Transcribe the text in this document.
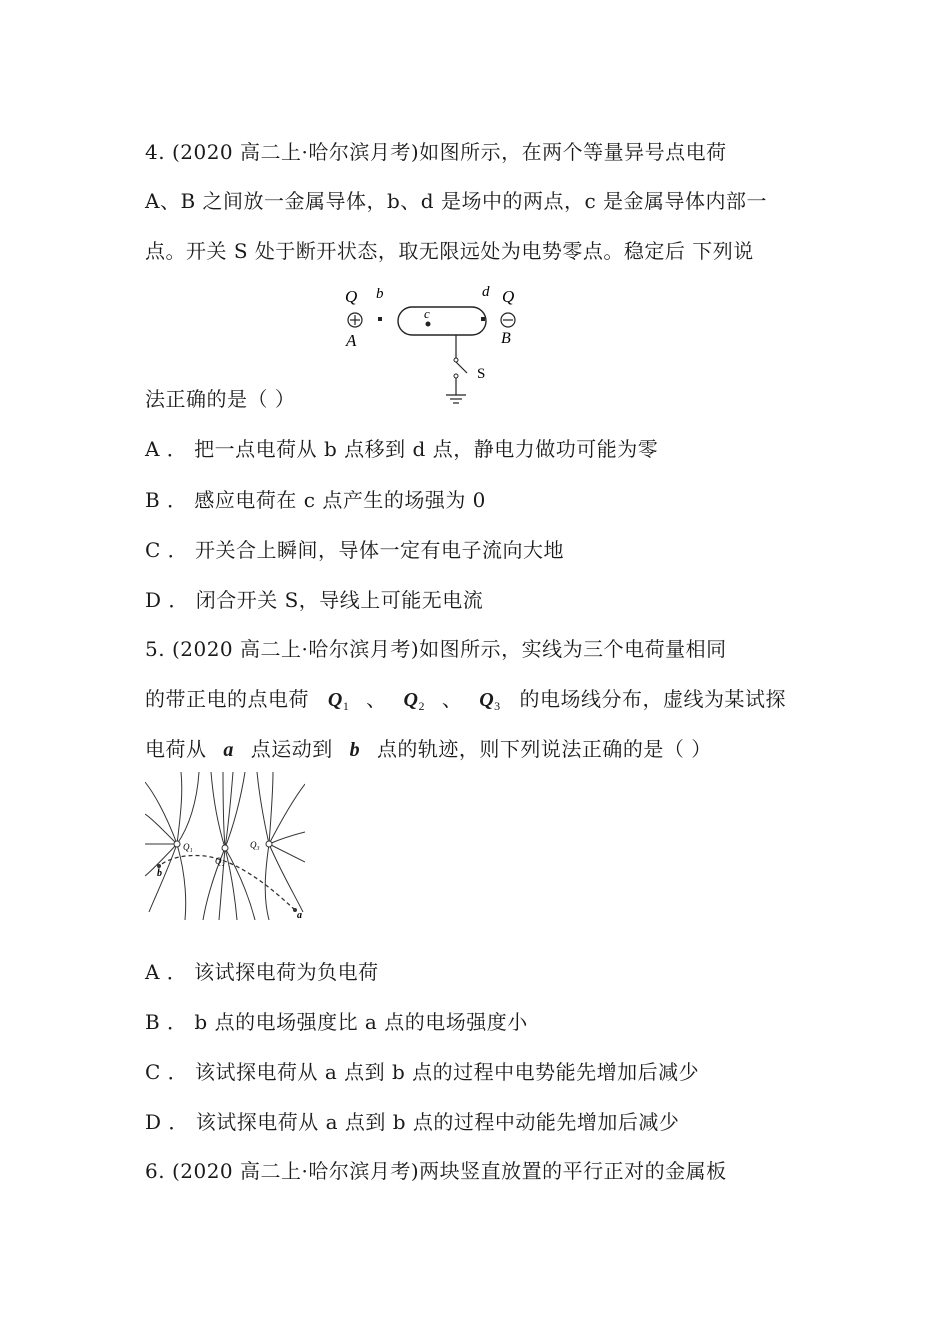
4. (2020 高二上·哈尔滨月考)如图所示，在两个等量异号点电荷
A、B 之间放一金属导体，b、d 是场中的两点，c 是金属导体内部一
点。开关 S 处于断开状态，取无限远处为电势零点。稳定后 下列说
Q
A
b
c
d Q
B
S
法正确的是（ ）
A ． 把一点电荷从 b 点移到 d 点，静电力做功可能为零
B ． 感应电荷在 c 点产生的场强为 0
C ． 开关合上瞬间，导体一定有电子流向大地
D ． 闭合开关 S，导线上可能无电流
5. (2020 高二上·哈尔滨月考)如图所示，实线为三个电荷量相同
的带正电的点电荷 $Q_1$ 、 $Q_2$ 、 $Q_3$ 的电场线分布，虚线为某试探
电荷从 a 点运动到 b 点的轨迹，则下列说法正确的是（ ）
Q₁
Q₂
Q₃
a
b
A ． 该试探电荷为负电荷
B ． b 点的电场强度比 a 点的电场强度小
C ． 该试探电荷从 a 点到 b 点的过程中电势能先增加后减少
D ． 该试探电荷从 a 点到 b 点的过程中动能先增加后减少
6. (2020 高二上·哈尔滨月考)两块竖直放置的平行正对的金属板
